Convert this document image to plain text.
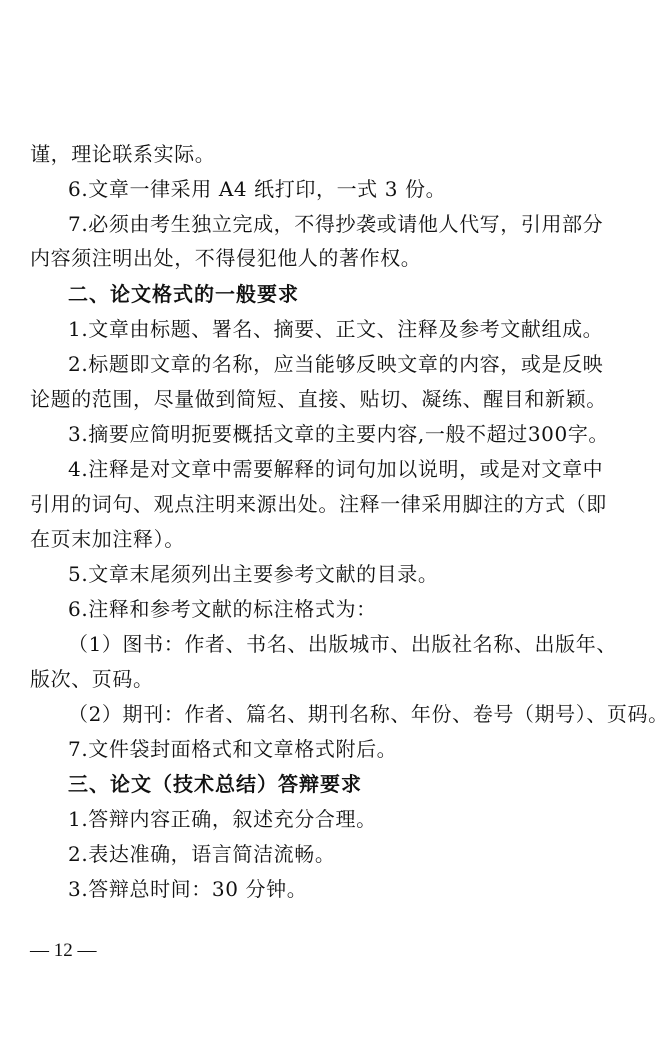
谨，理论联系实际。
6.文章一律采用 A4 纸打印，一式 3 份。
7.必须由考生独立完成，不得抄袭或请他人代写，引用部分
内容须注明出处，不得侵犯他人的著作权。
二、论文格式的一般要求
1.文章由标题、署名、摘要、正文、注释及参考文献组成。
2.标题即文章的名称，应当能够反映文章的内容，或是反映
论题的范围，尽量做到简短、直接、贴切、凝练、醒目和新颖。
3.摘要应简明扼要概括文章的主要内容,一般不超过300字。
4.注释是对文章中需要解释的词句加以说明，或是对文章中
引用的词句、观点注明来源出处。注释一律采用脚注的方式（即
在页末加注释）。
5.文章末尾须列出主要参考文献的目录。
6.注释和参考文献的标注格式为：
（1）图书：作者、书名、出版城市、出版社名称、出版年、
版次、页码。
（2）期刊：作者、篇名、期刊名称、年份、卷号（期号）、页码。
7.文件袋封面格式和文章格式附后。
三、论文（技术总结）答辩要求
1.答辩内容正确，叙述充分合理。
2.表达准确，语言简洁流畅。
3.答辩总时间：30 分钟。
— 12 —
